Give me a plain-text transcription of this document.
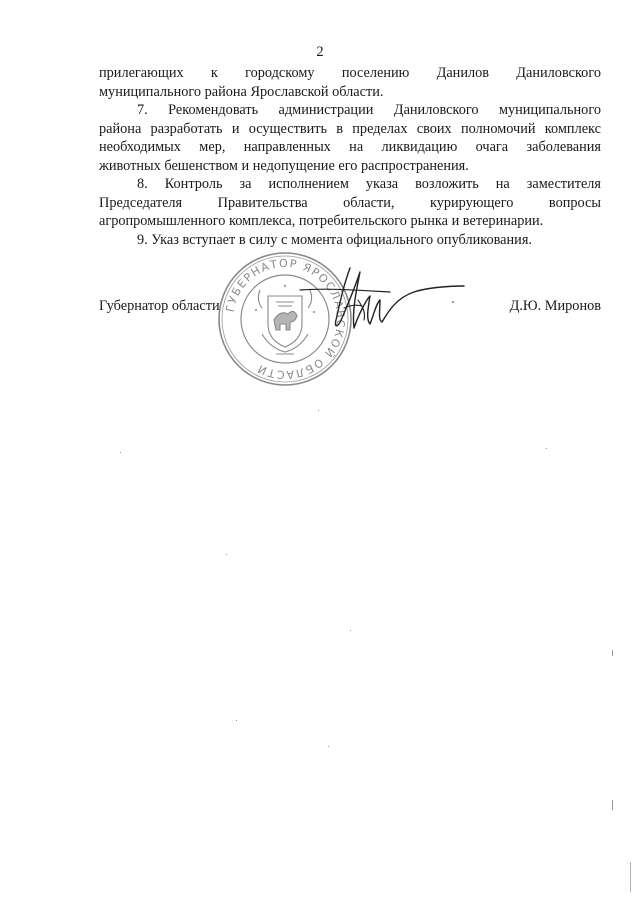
2

прилегающих к городскому поселению Данилов Даниловского
муниципального района Ярославской области.

7. Рекомендовать администрации Даниловского муниципального
района разработать и осуществить в пределах своих полномочий комплекс
необходимых мер, направленных на ликвидацию очага заболевания
животных бешенством и недопущение его распространения.

8. Контроль за исполнением указа возложить на заместителя
Председателя Правительства области, курирующего вопросы
агропромышленного комплекса, потребительского рынка и ветеринарии.

9. Указ вступает в силу с момента официального опубликования.

ГУБЕРНАТОР ЯРОСЛАВСКОЙ ОБЛАСТИ
Губернатор области	Д.Ю. Миронов
